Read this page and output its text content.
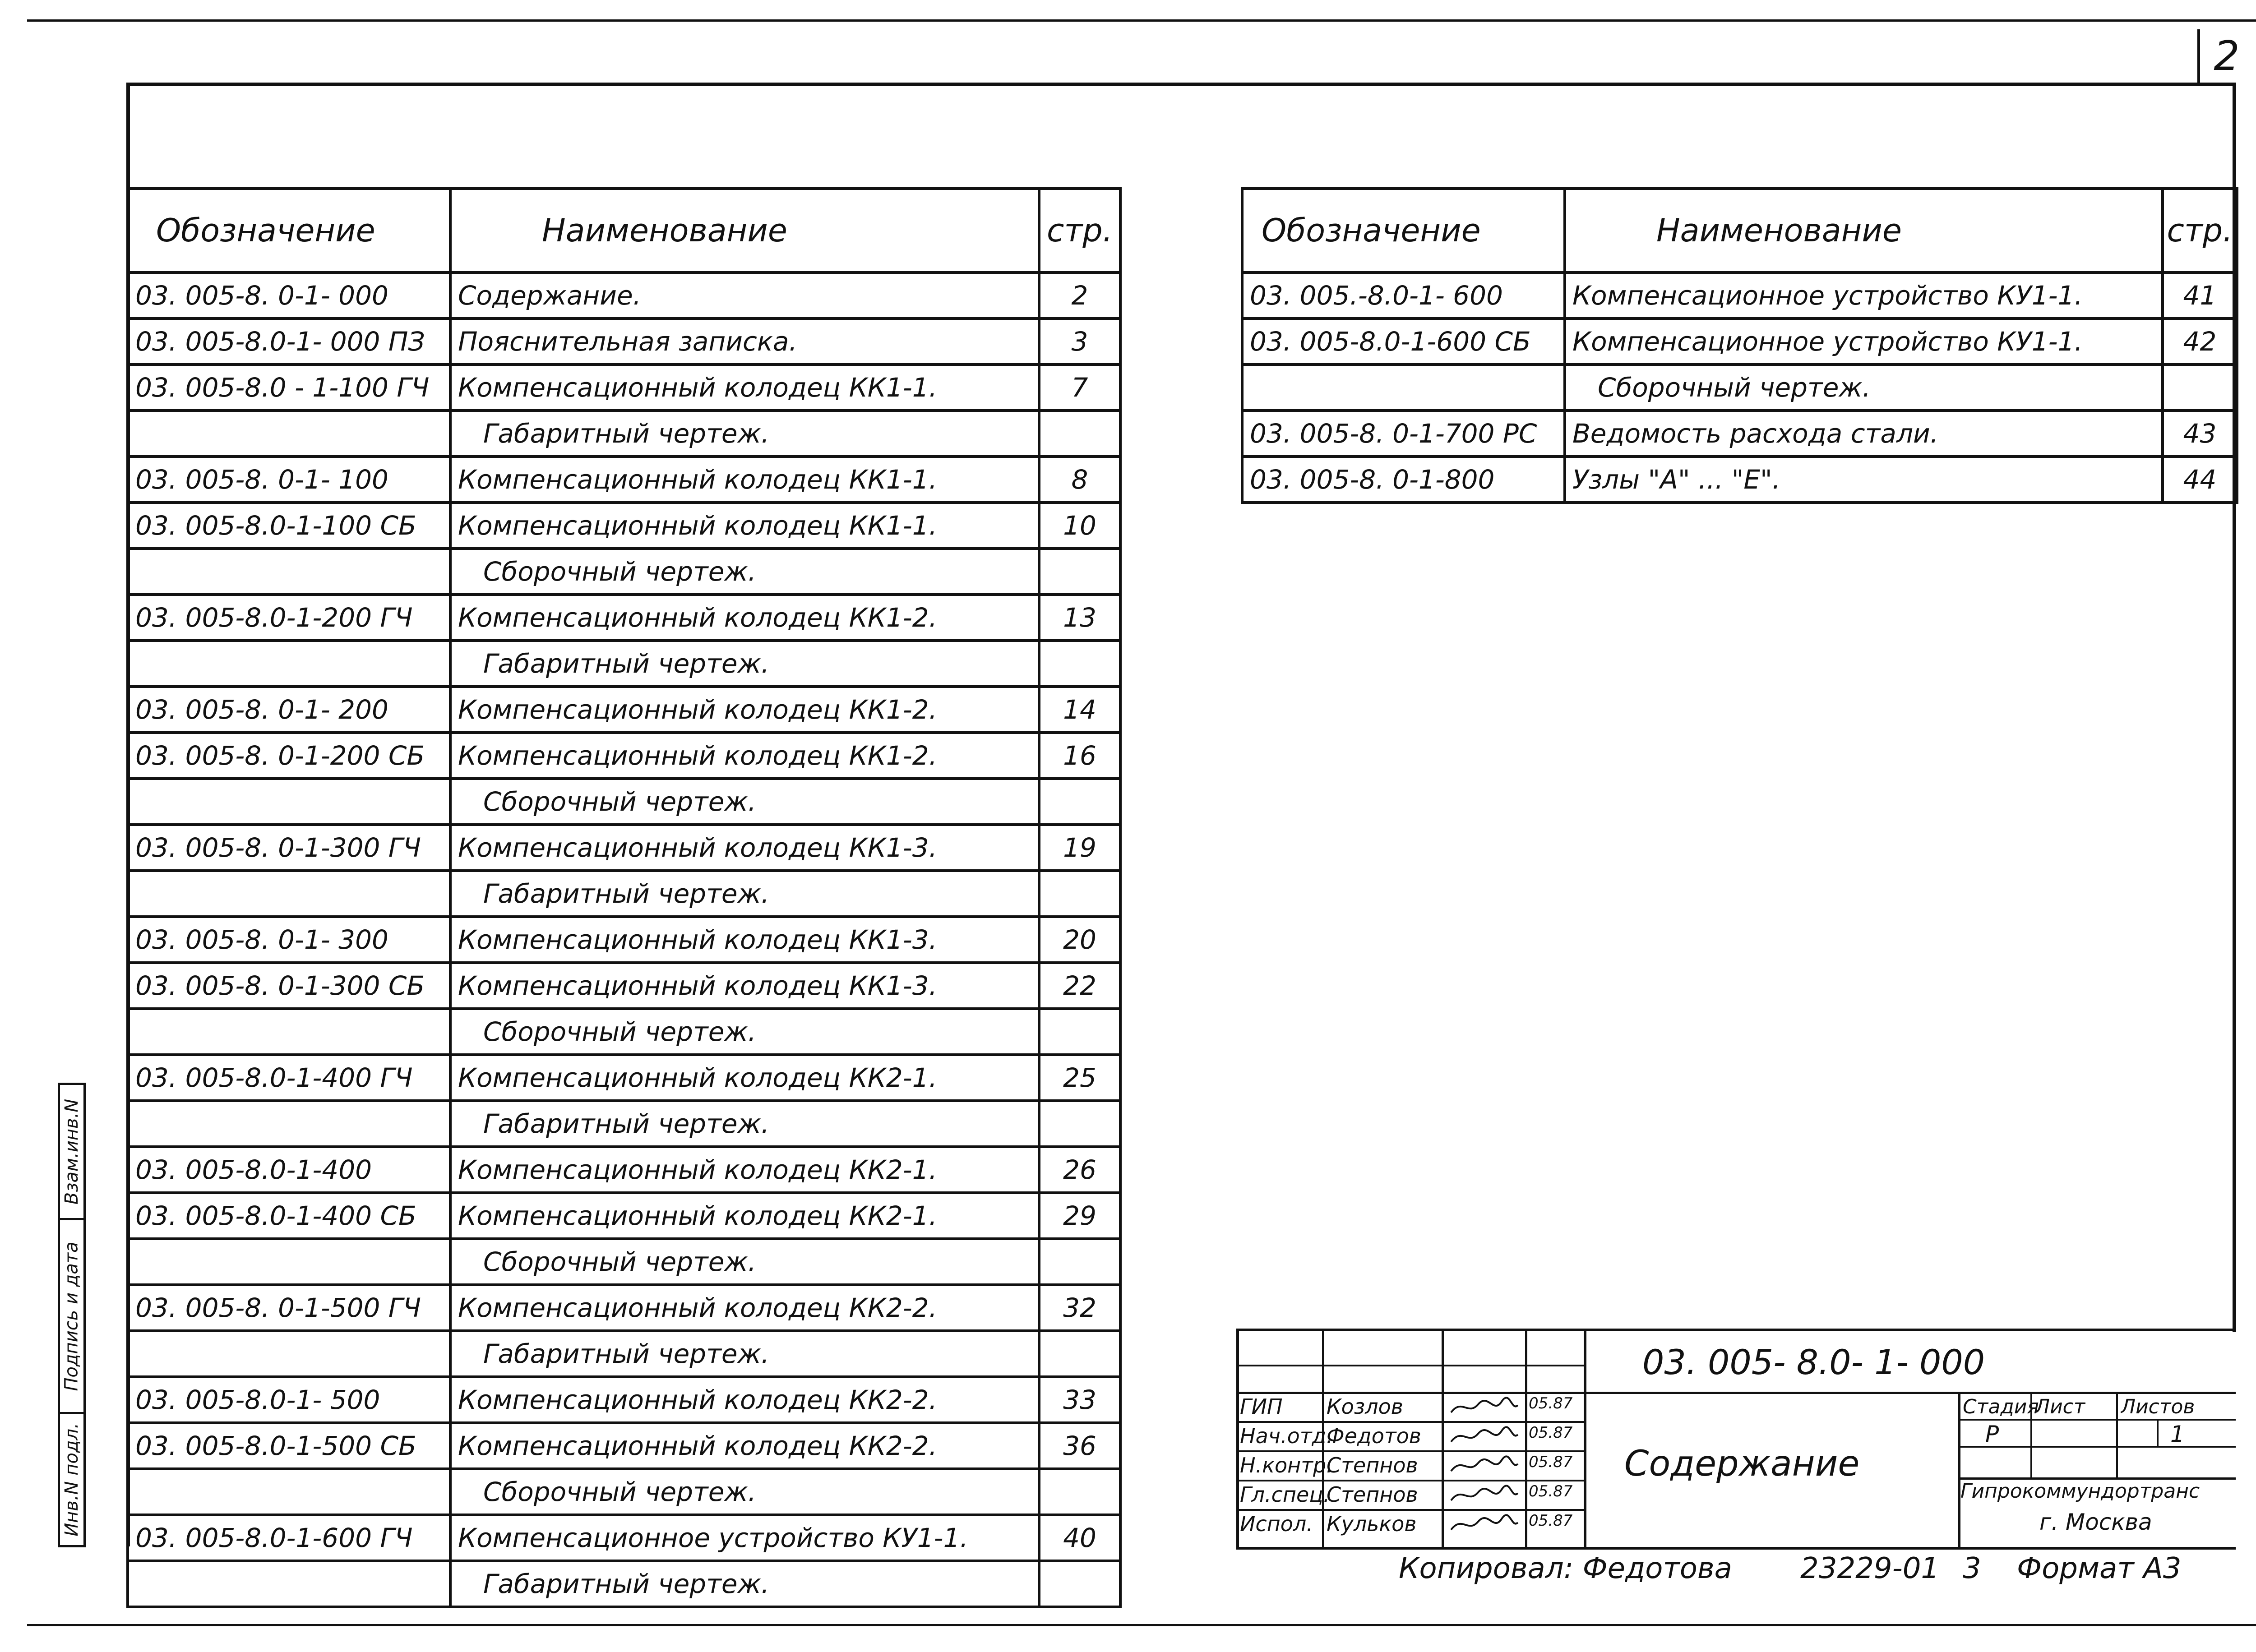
2
Обозначение	Наименование	стр.
03. 005-8. 0-1- 000	Содержание.	2
03. 005-8.0-1- 000 ПЗ	Пояснительная записка.	3
03. 005-8.0 - 1-100 ГЧ	Компенсационный колодец КК1-1.	7
	Габаритный чертеж.	
03. 005-8. 0-1- 100	Компенсационный колодец КК1-1.	8
03. 005-8.0-1-100 СБ	Компенсационный колодец КК1-1.	10
	Сборочный чертеж.	
03. 005-8.0-1-200 ГЧ	Компенсационный колодец КК1-2.	13
	Габаритный чертеж.	
03. 005-8. 0-1- 200	Компенсационный колодец КК1-2.	14
03. 005-8. 0-1-200 СБ	Компенсационный колодец КК1-2.	16
	Сборочный чертеж.	
03. 005-8. 0-1-300 ГЧ	Компенсационный колодец КК1-3.	19
	Габаритный чертеж.	
03. 005-8. 0-1- 300	Компенсационный колодец КК1-3.	20
03. 005-8. 0-1-300 СБ	Компенсационный колодец КК1-3.	22
	Сборочный чертеж.	
03. 005-8.0-1-400 ГЧ	Компенсационный колодец КК2-1.	25
	Габаритный чертеж.	
03. 005-8.0-1-400	Компенсационный колодец КК2-1.	26
03. 005-8.0-1-400 СБ	Компенсационный колодец КК2-1.	29
	Сборочный чертеж.	
03. 005-8. 0-1-500 ГЧ	Компенсационный колодец КК2-2.	32
	Габаритный чертеж.	
03. 005-8.0-1- 500	Компенсационный колодец КК2-2.	33
03. 005-8.0-1-500 СБ	Компенсационный колодец КК2-2.	36
	Сборочный чертеж.	
03. 005-8.0-1-600 ГЧ	Компенсационное устройство КУ1-1.	40
	Габаритный чертеж.	
Обозначение	Наименование	стр.
03. 005.-8.0-1- 600	Компенсационное устройство КУ1-1.	41
03. 005-8.0-1-600 СБ	Компенсационное устройство КУ1-1.	42
	Сборочный чертеж.	
03. 005-8. 0-1-700 РС	Ведомость расхода стали.	43
03. 005-8. 0-1-800	Узлы "А" ... "Е".	44
Инв.N подл.
Подпись и дата
Взам.инв.N
03. 005- 8.0- 1- 000
Содержание
Стадия
Лист Листов
Р	1
Гипрокоммундортранс
г. Москва
ГИП Козлов	05.87
Нач.отд.
Федотов	05.87
Н.контр.
Степнов	05.87
Гл.спец.
Степнов	05.87
Испол. Кульков	05.87
Копировал: Федотова 23229-01 3 Формат А3
